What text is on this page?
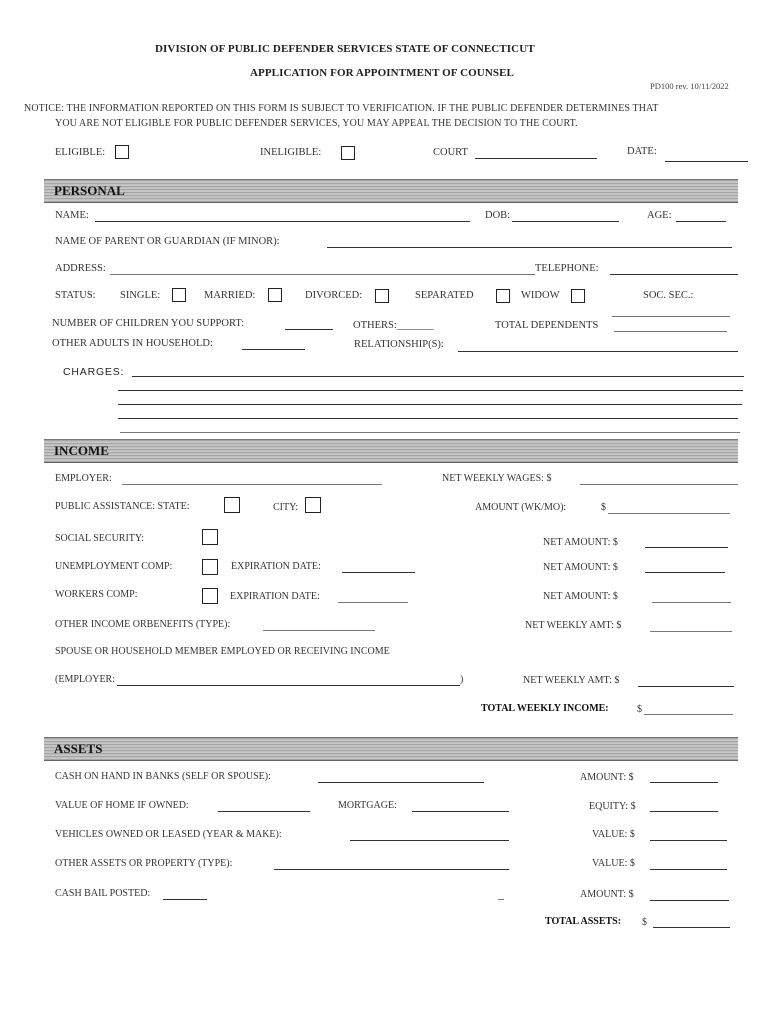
DIVISION OF PUBLIC DEFENDER SERVICES STATE OF CONNECTICUT
APPLICATION FOR APPOINTMENT OF COUNSEL
PD100 rev. 10/11/2022
NOTICE: THE INFORMATION REPORTED ON THIS FORM IS SUBJECT TO VERIFICATION. IF THE PUBLIC DEFENDER DETERMINES THAT
YOU ARE NOT ELIGIBLE FOR PUBLIC DEFENDER SERVICES, YOU MAY APPEAL THE DECISION TO THE COURT.
ELIGIBLE:	INELIGIBLE:	COURT	DATE:
PERSONAL
NAME:	DOB:	AGE:
NAME OF PARENT OR GUARDIAN (IF MINOR):
ADDRESS:	TELEPHONE:
STATUS: SINGLE:	MARRIED:	DIVORCED:	SEPARATED	WIDOW	SOC. SEC.:
NUMBER OF CHILDREN YOU SUPPORT:	OTHERS:_______	TOTAL DEPENDENTS
OTHER ADULTS IN HOUSEHOLD:	RELATIONSHIP(S):
CHARGES:
INCOME
EMPLOYER:	NET WEEKLY WAGES: $
PUBLIC ASSISTANCE: STATE:	CITY:	AMOUNT (WK/MO):	$
SOCIAL SECURITY:	NET AMOUNT: $
UNEMPLOYMENT COMP:	EXPIRATION DATE:	NET AMOUNT: $
WORKERS COMP:	EXPIRATION DATE:	NET AMOUNT: $
OTHER INCOME ORBENEFITS (TYPE):	NET WEEKLY AMT: $
SPOUSE OR HOUSEHOLD MEMBER EMPLOYED OR RECEIVING INCOME
(EMPLOYER:	)	NET WEEKLY AMT: $
TOTAL WEEKLY INCOME:	$
ASSETS
CASH ON HAND IN BANKS (SELF OR SPOUSE):	AMOUNT: $
VALUE OF HOME IF OWNED:	MORTGAGE:	EQUITY: $
VEHICLES OWNED OR LEASED (YEAR & MAKE):	VALUE: $
OTHER ASSETS OR PROPERTY (TYPE):	VALUE: $
CASH BAIL POSTED:	AMOUNT: $
TOTAL ASSETS: $
